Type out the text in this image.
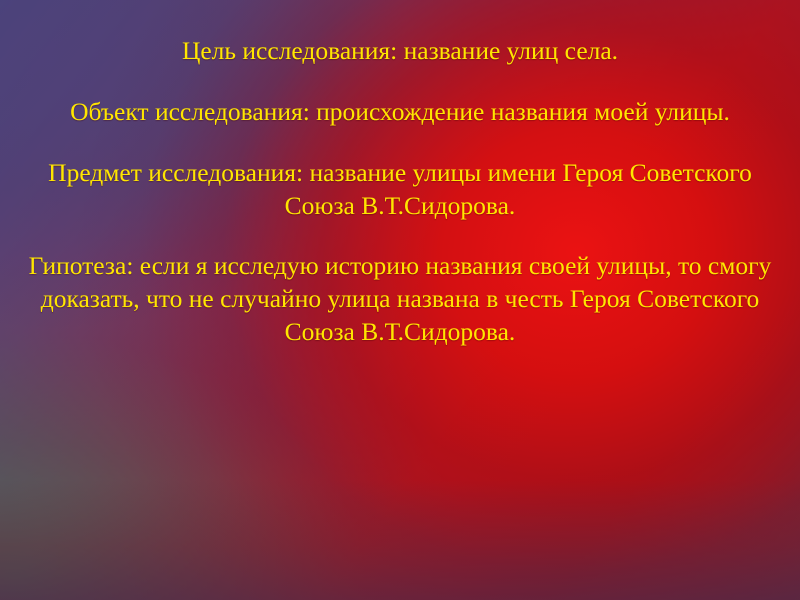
Цель исследования: название улиц села.

Объект исследования: происхождение названия моей улицы.

Предмет исследования: название улицы имени Героя Советского Союза В.Т.Сидорова.

Гипотеза: если я исследую историю названия своей улицы, то смогу доказать, что не случайно улица названа в честь Героя Советского Союза В.Т.Сидорова.
